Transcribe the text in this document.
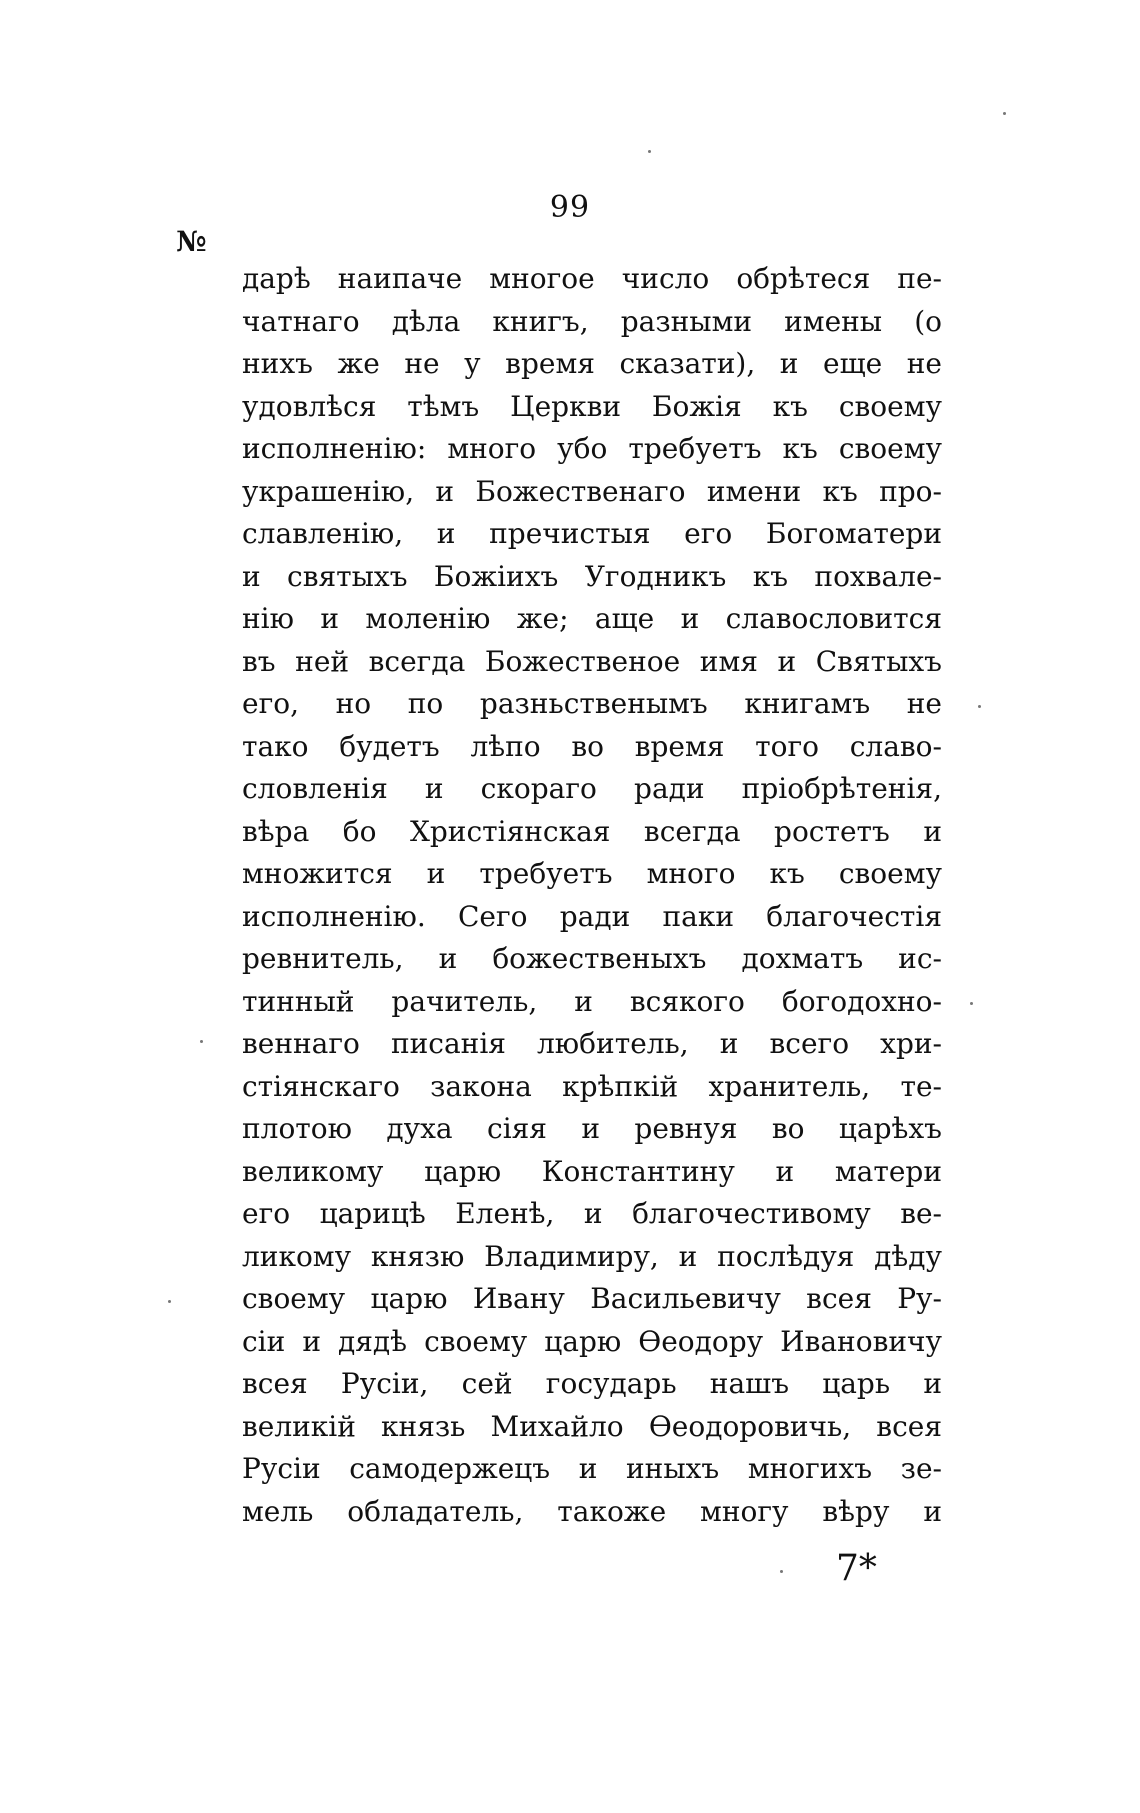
99
№
дарѣ наипаче многое число обрѣтеся пе-
чатнаго дѣла книгъ, разными имены (о
нихъ же не у время сказати), и еще не
удовлѣся тѣмъ Церкви Божія къ своему
исполненію: много убо требуетъ къ своему
украшенію, и Божественаго имени къ про-
славленію, и пречистыя его Богоматери
и святыхъ Божіихъ Угодникъ къ похвале-
нію и моленію же; аще и славословится
въ ней всегда Божественое имя и Святыхъ
его, но по разньственымъ книгамъ не
тако будетъ лѣпо во время того славо-
словленія и скораго ради пріобрѣтенія,
вѣра бо Христіянская всегда ростетъ и
множится и требуетъ много къ своему
исполненію. Сего ради паки благочестія
ревнитель, и божественыхъ дохматъ ис-
тинный рачитель, и всякого богодохно-
веннаго писанія любитель, и всего хри-
стіянскаго закона крѣпкій хранитель, те-
плотою духа сіяя и ревнуя во царѣхъ
великому царю Константину и матери
его царицѣ Еленѣ, и благочестивому ве-
ликому князю Владимиру, и послѣдуя дѣду
своему царю Ивану Васильевичу всея Ру-
сіи и дядѣ своему царю Ѳеодору Ивановичу
всея Русіи, сей государь нашъ царь и
великій князь Михайло Ѳеодоровичь, всея
Русіи самодержецъ и иныхъ многихъ зе-
мель обладатель, такоже многу вѣру и
7*
